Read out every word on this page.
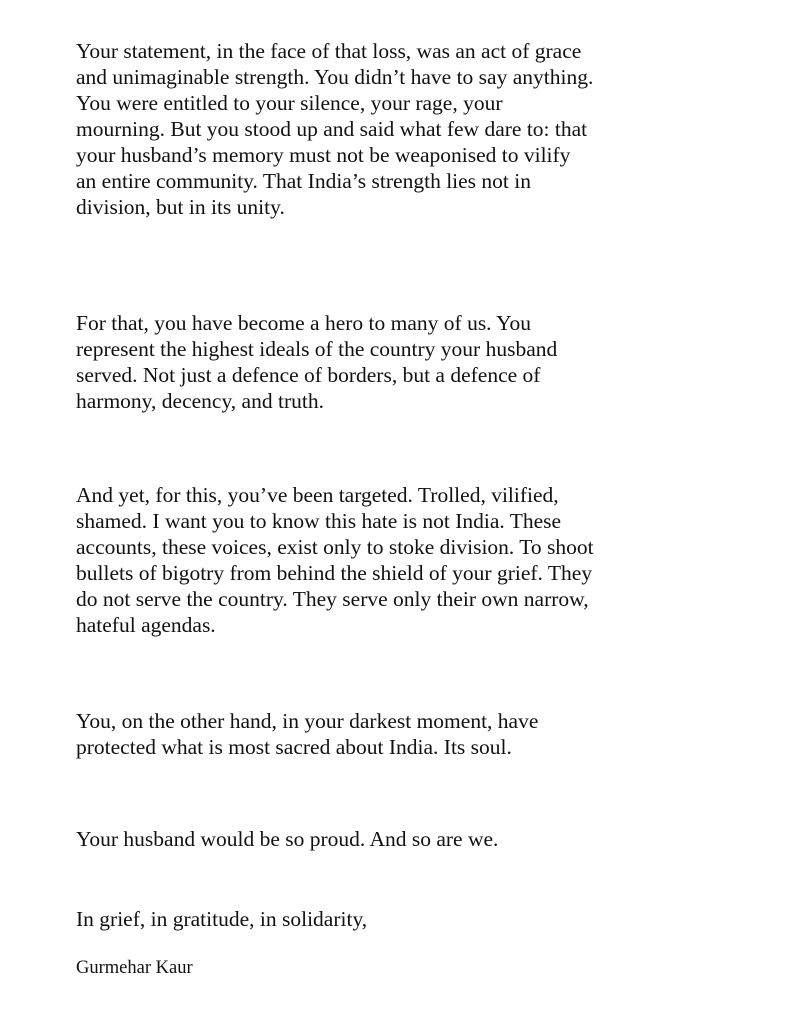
Your statement, in the face of that loss, was an act of grace
and unimaginable strength. You didn’t have to say anything.
You were entitled to your silence, your rage, your
mourning. But you stood up and said what few dare to: that
your husband’s memory must not be weaponised to vilify
an entire community. That India’s strength lies not in
division, but in its unity.

For that, you have become a hero to many of us. You
represent the highest ideals of the country your husband
served. Not just a defence of borders, but a defence of
harmony, decency, and truth.

And yet, for this, you’ve been targeted. Trolled, vilified,
shamed. I want you to know this hate is not India. These
accounts, these voices, exist only to stoke division. To shoot
bullets of bigotry from behind the shield of your grief. They
do not serve the country. They serve only their own narrow,
hateful agendas.

You, on the other hand, in your darkest moment, have
protected what is most sacred about India. Its soul.

Your husband would be so proud. And so are we.

In grief, in gratitude, in solidarity,

Gurmehar Kaur
